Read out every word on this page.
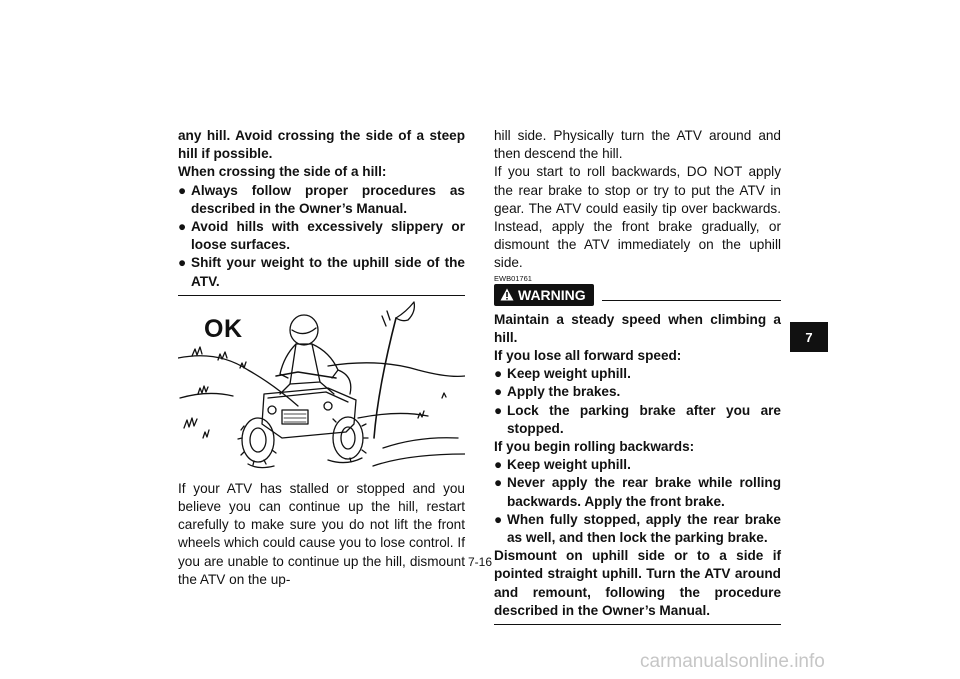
any hill. Avoid crossing the side of a steep hill if possible.

When crossing the side of a hill:

● Always follow proper procedures as described in the Owner’s Manual.
● Avoid hills with excessively slippery or loose surfaces.
● Shift your weight to the uphill side of the ATV.
OK

If your ATV has stalled or stopped and you believe you can continue up the hill, restart carefully to make sure you do not lift the front wheels which could cause you to lose control. If you are unable to continue up the hill, dismount the ATV on the up-

hill side. Physically turn the ATV around and then descend the hill.

If you start to roll backwards, DO NOT apply the rear brake to stop or try to put the ATV in gear. The ATV could easily tip over backwards. Instead, apply the front brake gradually, or dismount the ATV immediately on the uphill side.

EWB01761
WARNING

Maintain a steady speed when climbing a hill.

If you lose all forward speed:

● Keep weight uphill.
● Apply the brakes.
● Lock the parking brake after you are stopped.

If you begin rolling backwards:

● Keep weight uphill.
● Never apply the rear brake while rolling backwards. Apply the front brake.
● When fully stopped, apply the rear brake as well, and then lock the parking brake.

Dismount on uphill side or to a side if pointed straight uphill. Turn the ATV around and remount, following the procedure described in the Owner’s Manual.

7-16
7
carmanualsonline.info
